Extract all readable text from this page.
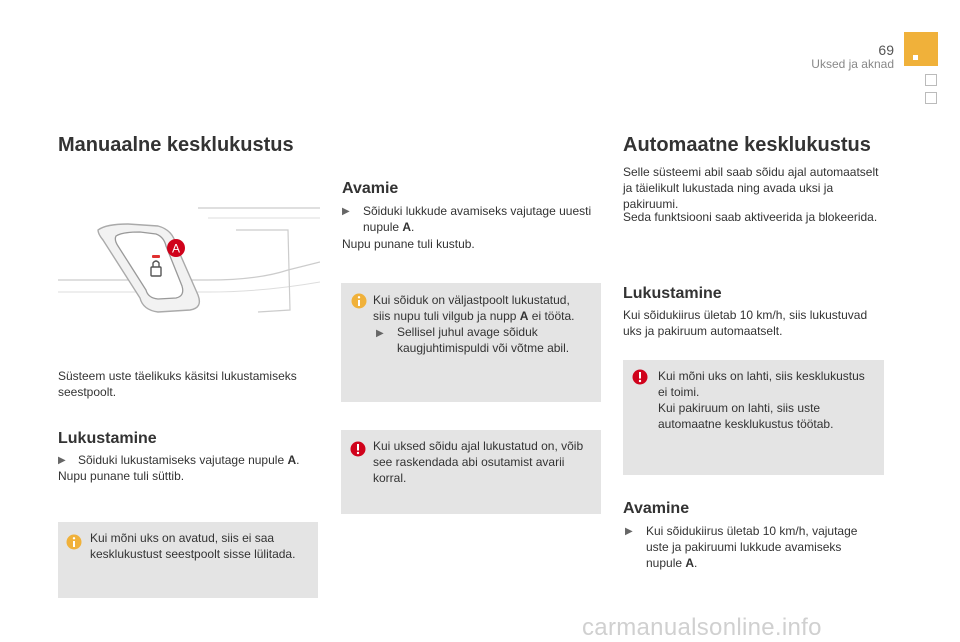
69
Uksed ja aknad
Manuaalne kesklukustus
A
Süsteem uste täelikuks käsitsi lukustamiseks seestpoolt.
Lukustamine
▶ Sõiduki lukustamiseks vajutage nupule A.
Nupu punane tuli süttib.
Kui mõni uks on avatud, siis ei saa kesklukustust seestpoolt sisse lülitada.
Avamie
▶ Sõiduki lukkude avamiseks vajutage uuesti
nupule A.
Nupu punane tuli kustub.
Kui sõiduk on väljastpoolt lukustatud,
siis nupu tuli vilgub ja nupp A ei tööta.
▶ Sellisel juhul avage sõiduk kaugjuhtimispuldi või võtme abil.
Kui uksed sõidu ajal lukustatud on, võib see raskendada abi osutamist avarii korral.
Automaatne kesklukustus
Selle süsteemi abil saab sõidu ajal automaatselt ja täielikult lukustada ning avada uksi ja pakiruumi.
Seda funktsiooni saab aktiveerida ja blokeerida.
Lukustamine
Kui sõidukiirus ületab 10 km/h, siis lukustuvad uks ja pakiruum automaatselt.
Kui mõni uks on lahti, siis kesklukustus ei toimi.
Kui pakiruum on lahti, siis uste automaatne kesklukustus töötab.
Avamine
▶ Kui sõidukiirus ületab 10 km/h, vajutage uste ja pakiruumi lukkude avamiseks nupule A.
carmanualsonline.info
